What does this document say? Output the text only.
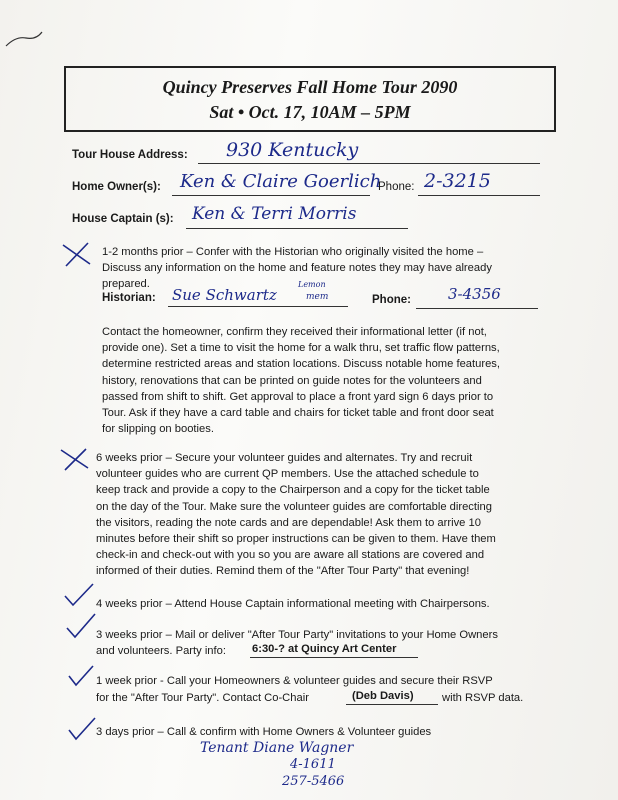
Quincy Preserves Fall Home Tour 2090
Sat • Oct. 17, 10AM – 5PM
Tour House Address: 930 Kentucky
Home Owner(s): Ken & Claire Goerlich
Phone: 2-3215
House Captain (s): Ken & Terri Morris
1-2 months prior – Confer with the Historian who originally visited the home –
Discuss any information on the home and feature notes they may have already
prepared.
Historian: Sue Schwartz
Lemon
mem	Phone: 3-4356
Contact the homeowner, confirm they received their informational letter (if not,
provide one). Set a time to visit the home for a walk thru, set traffic flow patterns,
determine restricted areas and station locations. Discuss notable home features,
history, renovations that can be printed on guide notes for the volunteers and
passed from shift to shift. Get approval to place a front yard sign 6 days prior to
Tour. Ask if they have a card table and chairs for ticket table and front door seat
for slipping on booties.
6 weeks prior – Secure your volunteer guides and alternates. Try and recruit
volunteer guides who are current QP members. Use the attached schedule to
keep track and provide a copy to the Chairperson and a copy for the ticket table
on the day of the Tour. Make sure the volunteer guides are comfortable directing
the visitors, reading the note cards and are dependable! Ask them to arrive 10
minutes before their shift so proper instructions can be given to them. Have them
check-in and check-out with you so you are aware all stations are covered and
informed of their duties. Remind them of the "After Tour Party" that evening!
4 weeks prior – Attend House Captain informational meeting with Chairpersons.
3 weeks prior – Mail or deliver "After Tour Party" invitations to your Home Owners
and volunteers. Party info: 6:30-? at Quincy Art Center
1 week prior - Call your Homeowners & volunteer guides and secure their RSVP
for the "After Tour Party". Contact Co-Chair	(Deb Davis)	with RSVP data.
3 days prior – Call & confirm with Home Owners & Volunteer guides
Tenant Diane Wagner
4-1611
257-5466
